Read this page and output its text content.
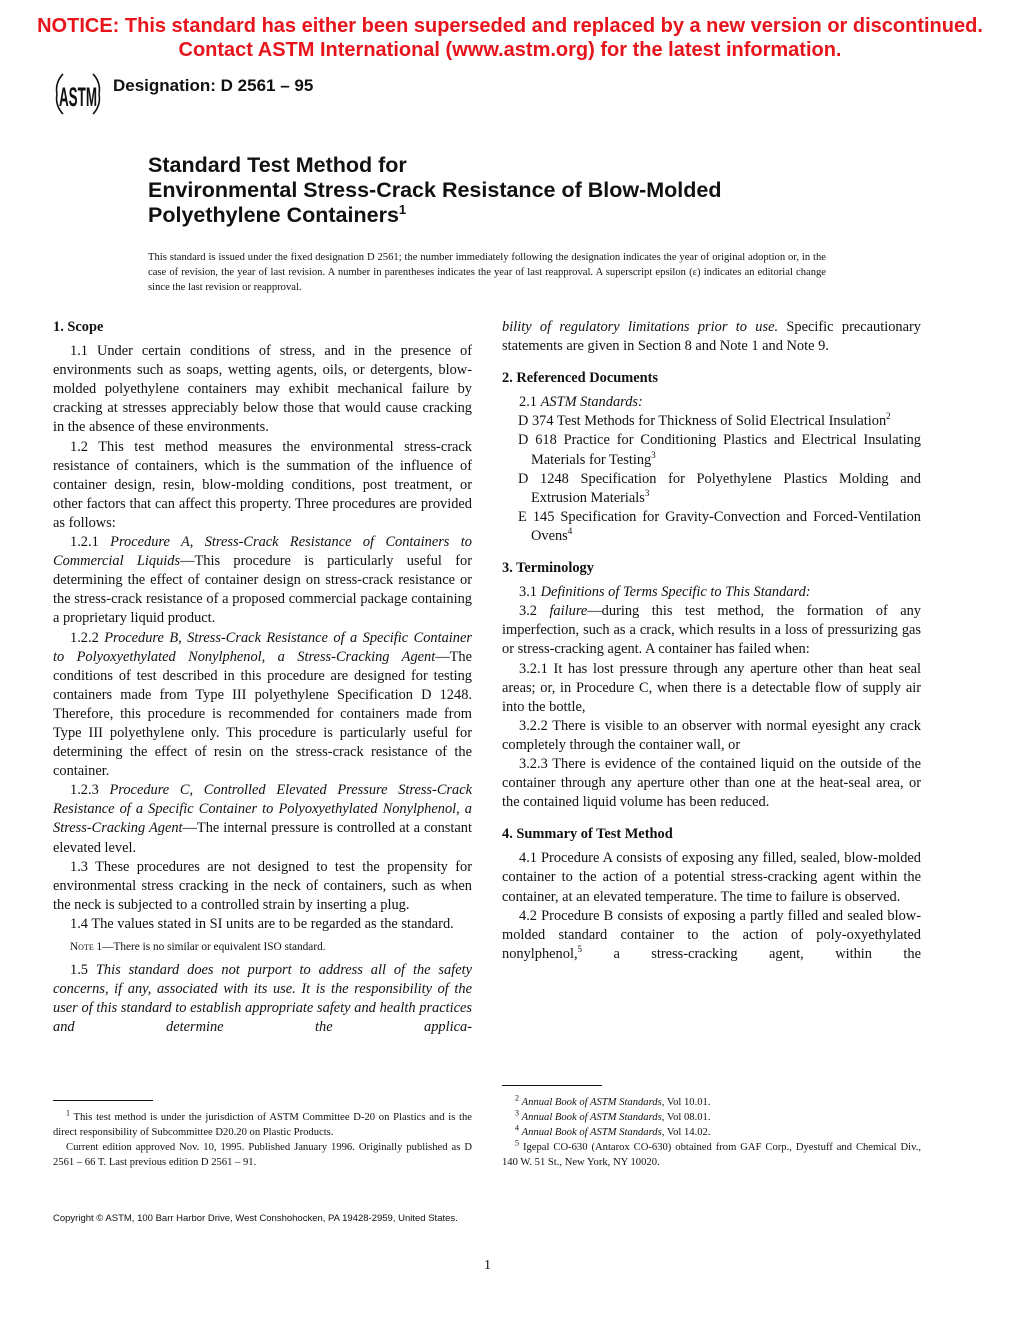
NOTICE: This standard has either been superseded and replaced by a new version or discontinued.
Contact ASTM International (www.astm.org) for the latest information.
ASTM Designation: D 2561 – 95
Standard Test Method for
Environmental Stress-Crack Resistance of Blow-Molded
Polyethylene Containers$^1$
This standard is issued under the fixed designation D 2561; the number immediately following the designation indicates the year of original adoption or, in the case of revision, the year of last revision. A number in parentheses indicates the year of last reapproval. A superscript epsilon (ε) indicates an editorial change since the last revision or reapproval.
1. Scope
1.1 Under certain conditions of stress, and in the presence of environments such as soaps, wetting agents, oils, or detergents, blow-molded polyethylene containers may exhibit mechanical failure by cracking at stresses appreciably below those that would cause cracking in the absence of these environments.
1.2 This test method measures the environmental stress-crack resistance of containers, which is the summation of the influence of container design, resin, blow-molding conditions, post treatment, or other factors that can affect this property. Three procedures are provided as follows:
1.2.1 Procedure A, Stress-Crack Resistance of Containers to Commercial Liquids—This procedure is particularly useful for determining the effect of container design on stress-crack resistance or the stress-crack resistance of a proposed commercial package containing a proprietary liquid product.
1.2.2 Procedure B, Stress-Crack Resistance of a Specific Container to Polyoxyethylated Nonylphenol, a Stress-Cracking Agent—The conditions of test described in this procedure are designed for testing containers made from Type III polyethylene Specification D 1248. Therefore, this procedure is recommended for containers made from Type III polyethylene only. This procedure is particularly useful for determining the effect of resin on the stress-crack resistance of the container.
1.2.3 Procedure C, Controlled Elevated Pressure Stress-Crack Resistance of a Specific Container to Polyoxyethylated Nonylphenol, a Stress-Cracking Agent—The internal pressure is controlled at a constant elevated level.
1.3 These procedures are not designed to test the propensity for environmental stress cracking in the neck of containers, such as when the neck is subjected to a controlled strain by inserting a plug.
1.4 The values stated in SI units are to be regarded as the standard.
Note 1—There is no similar or equivalent ISO standard.
1.5 This standard does not purport to address all of the safety concerns, if any, associated with its use. It is the responsibility of the user of this standard to establish appropriate safety and health practices and determine the applica-
bility of regulatory limitations prior to use. Specific precautionary statements are given in Section 8 and Note 1 and Note 9.
2. Referenced Documents
2.1 ASTM Standards:
D 374 Test Methods for Thickness of Solid Electrical Insulation$^2$
D 618 Practice for Conditioning Plastics and Electrical Insulating Materials for Testing$^3$
D 1248 Specification for Polyethylene Plastics Molding and Extrusion Materials$^3$
E 145 Specification for Gravity-Convection and Forced-Ventilation Ovens$^4$
3. Terminology
3.1 Definitions of Terms Specific to This Standard:
3.2 failure—during this test method, the formation of any imperfection, such as a crack, which results in a loss of pressurizing gas or stress-cracking agent. A container has failed when:
3.2.1 It has lost pressure through any aperture other than heat seal areas; or, in Procedure C, when there is a detectable flow of supply air into the bottle,
3.2.2 There is visible to an observer with normal eyesight any crack completely through the container wall, or
3.2.3 There is evidence of the contained liquid on the outside of the container through any aperture other than one at the heat-seal area, or the contained liquid volume has been reduced.
4. Summary of Test Method
4.1 Procedure A consists of exposing any filled, sealed, blow-molded container to the action of a potential stress-cracking agent within the container, at an elevated temperature. The time to failure is observed.
4.2 Procedure B consists of exposing a partly filled and sealed blow-molded standard container to the action of poly-oxyethylated nonylphenol,$^5$ a stress-cracking agent, within the

$^1$ This test method is under the jurisdiction of ASTM Committee D-20 on Plastics and is the direct responsibility of Subcommittee D20.20 on Plastic Products.

Current edition approved Nov. 10, 1995. Published January 1996. Originally published as D 2561 – 66 T. Last previous edition D 2561 – 91.

$^2$ Annual Book of ASTM Standards, Vol 10.01.

$^3$ Annual Book of ASTM Standards, Vol 08.01.

$^4$ Annual Book of ASTM Standards, Vol 14.02.

$^5$ Igepal CO-630 (Antarox CO-630) obtained from GAF Corp., Dyestuff and Chemical Div., 140 W. 51 St., New York, NY 10020.

Copyright © ASTM, 100 Barr Harbor Drive, West Conshohocken, PA 19428-2959, United States.
1
